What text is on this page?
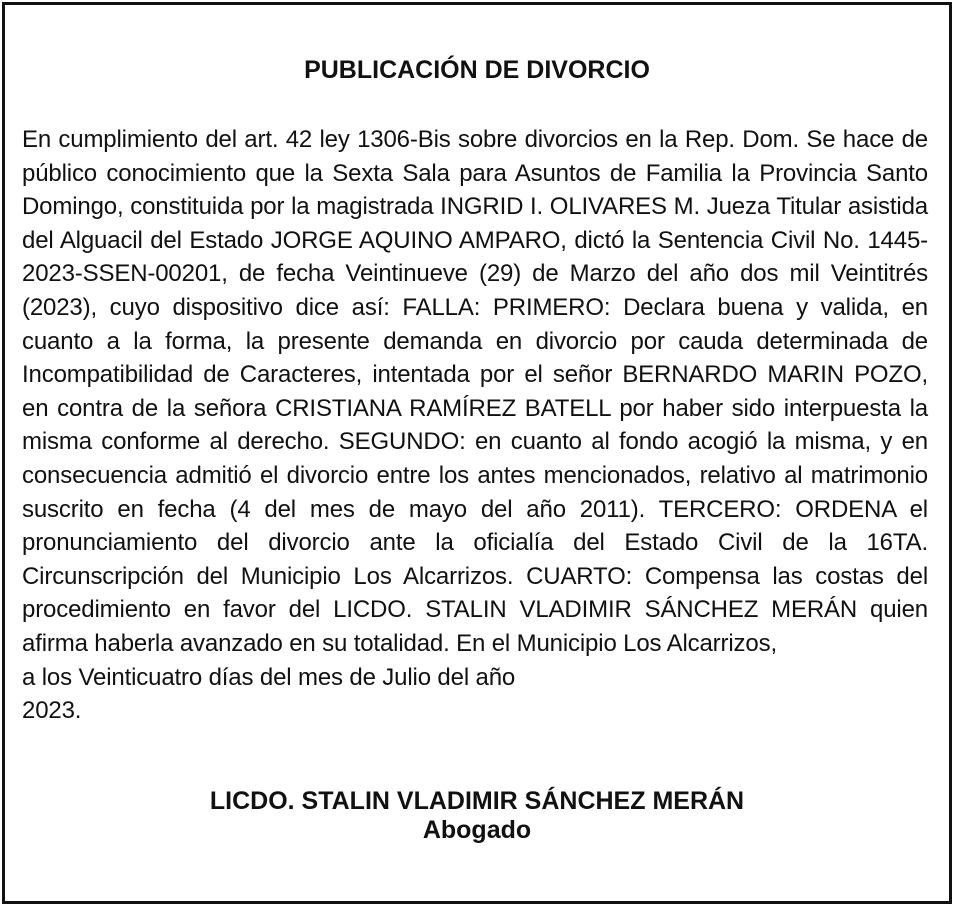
PUBLICACIÓN DE DIVORCIO
En cumplimiento del art. 42 ley 1306-Bis sobre divorcios en la Rep. Dom. Se hace de público conocimiento que la Sexta Sala para Asuntos de Familia la Provincia Santo Domingo, constituida por la magistrada INGRID I. OLIVARES M. Jueza Titular asistida del Alguacil del Estado JORGE AQUINO AMPARO, dictó la Sentencia Civil No. 1445-2023-SSEN-00201, de fecha Veintinueve (29) de Marzo del año dos mil Veintitrés (2023), cuyo dispositivo dice así: FALLA: PRIMERO: Declara buena y valida, en cuanto a la forma, la presente demanda en divorcio por cauda determinada de Incompatibilidad de Caracteres, intentada por el señor BERNARDO MARIN POZO, en contra de la señora CRISTIANA RAMÍREZ BATELL por haber sido interpuesta la misma conforme al derecho. SEGUNDO: en cuanto al fondo acogió la misma, y en consecuencia admitió el divorcio entre los antes mencionados, relativo al matrimonio suscrito en fecha (4 del mes de mayo del año 2011). TERCERO: ORDENA el pronunciamiento del divorcio ante la oficialía del Estado Civil de la 16TA. Circunscripción del Municipio Los Alcarrizos. CUARTO: Compensa las costas del procedimiento en favor del LICDO. STALIN VLADIMIR SÁNCHEZ MERÁN quien afirma haberla avanzado en su totalidad. En el Municipio Los Alcarrizos,
a los Veinticuatro días del mes de Julio del año
2023.
LICDO. STALIN VLADIMIR SÁNCHEZ MERÁN
Abogado
